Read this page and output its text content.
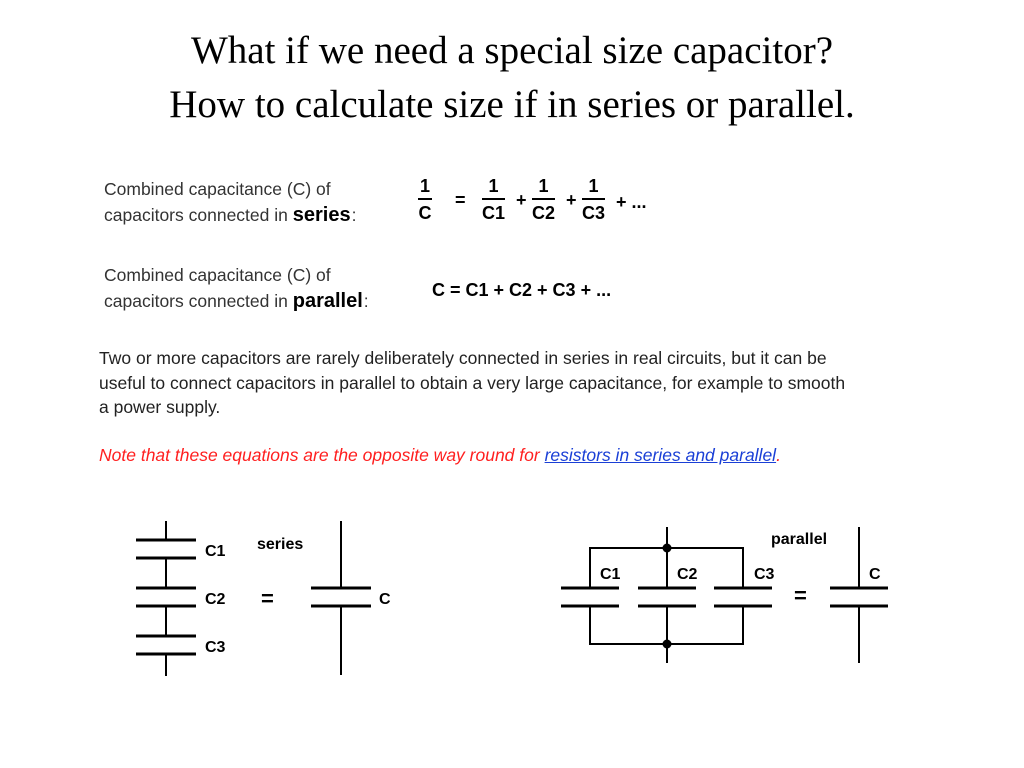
What if we need a special size capacitor?
How to calculate size if in series or parallel.
Combined capacitance (C) of
capacitors connected in series:
1
C
=
1
C1
+
1
C2
+
1
C3
+ ...
Combined capacitance (C) of
capacitors connected in parallel:
C = C1 + C2 + C3 + ...
Two or more capacitors are rarely deliberately connected in series in real circuits, but it can be
useful to connect capacitors in parallel to obtain a very large capacitance, for example to smooth
a power supply.
Note that these equations are the opposite way round for resistors in series and parallel.
C1
C2
C3
series
=	C
parallel
C1	C2	C3
=
C
